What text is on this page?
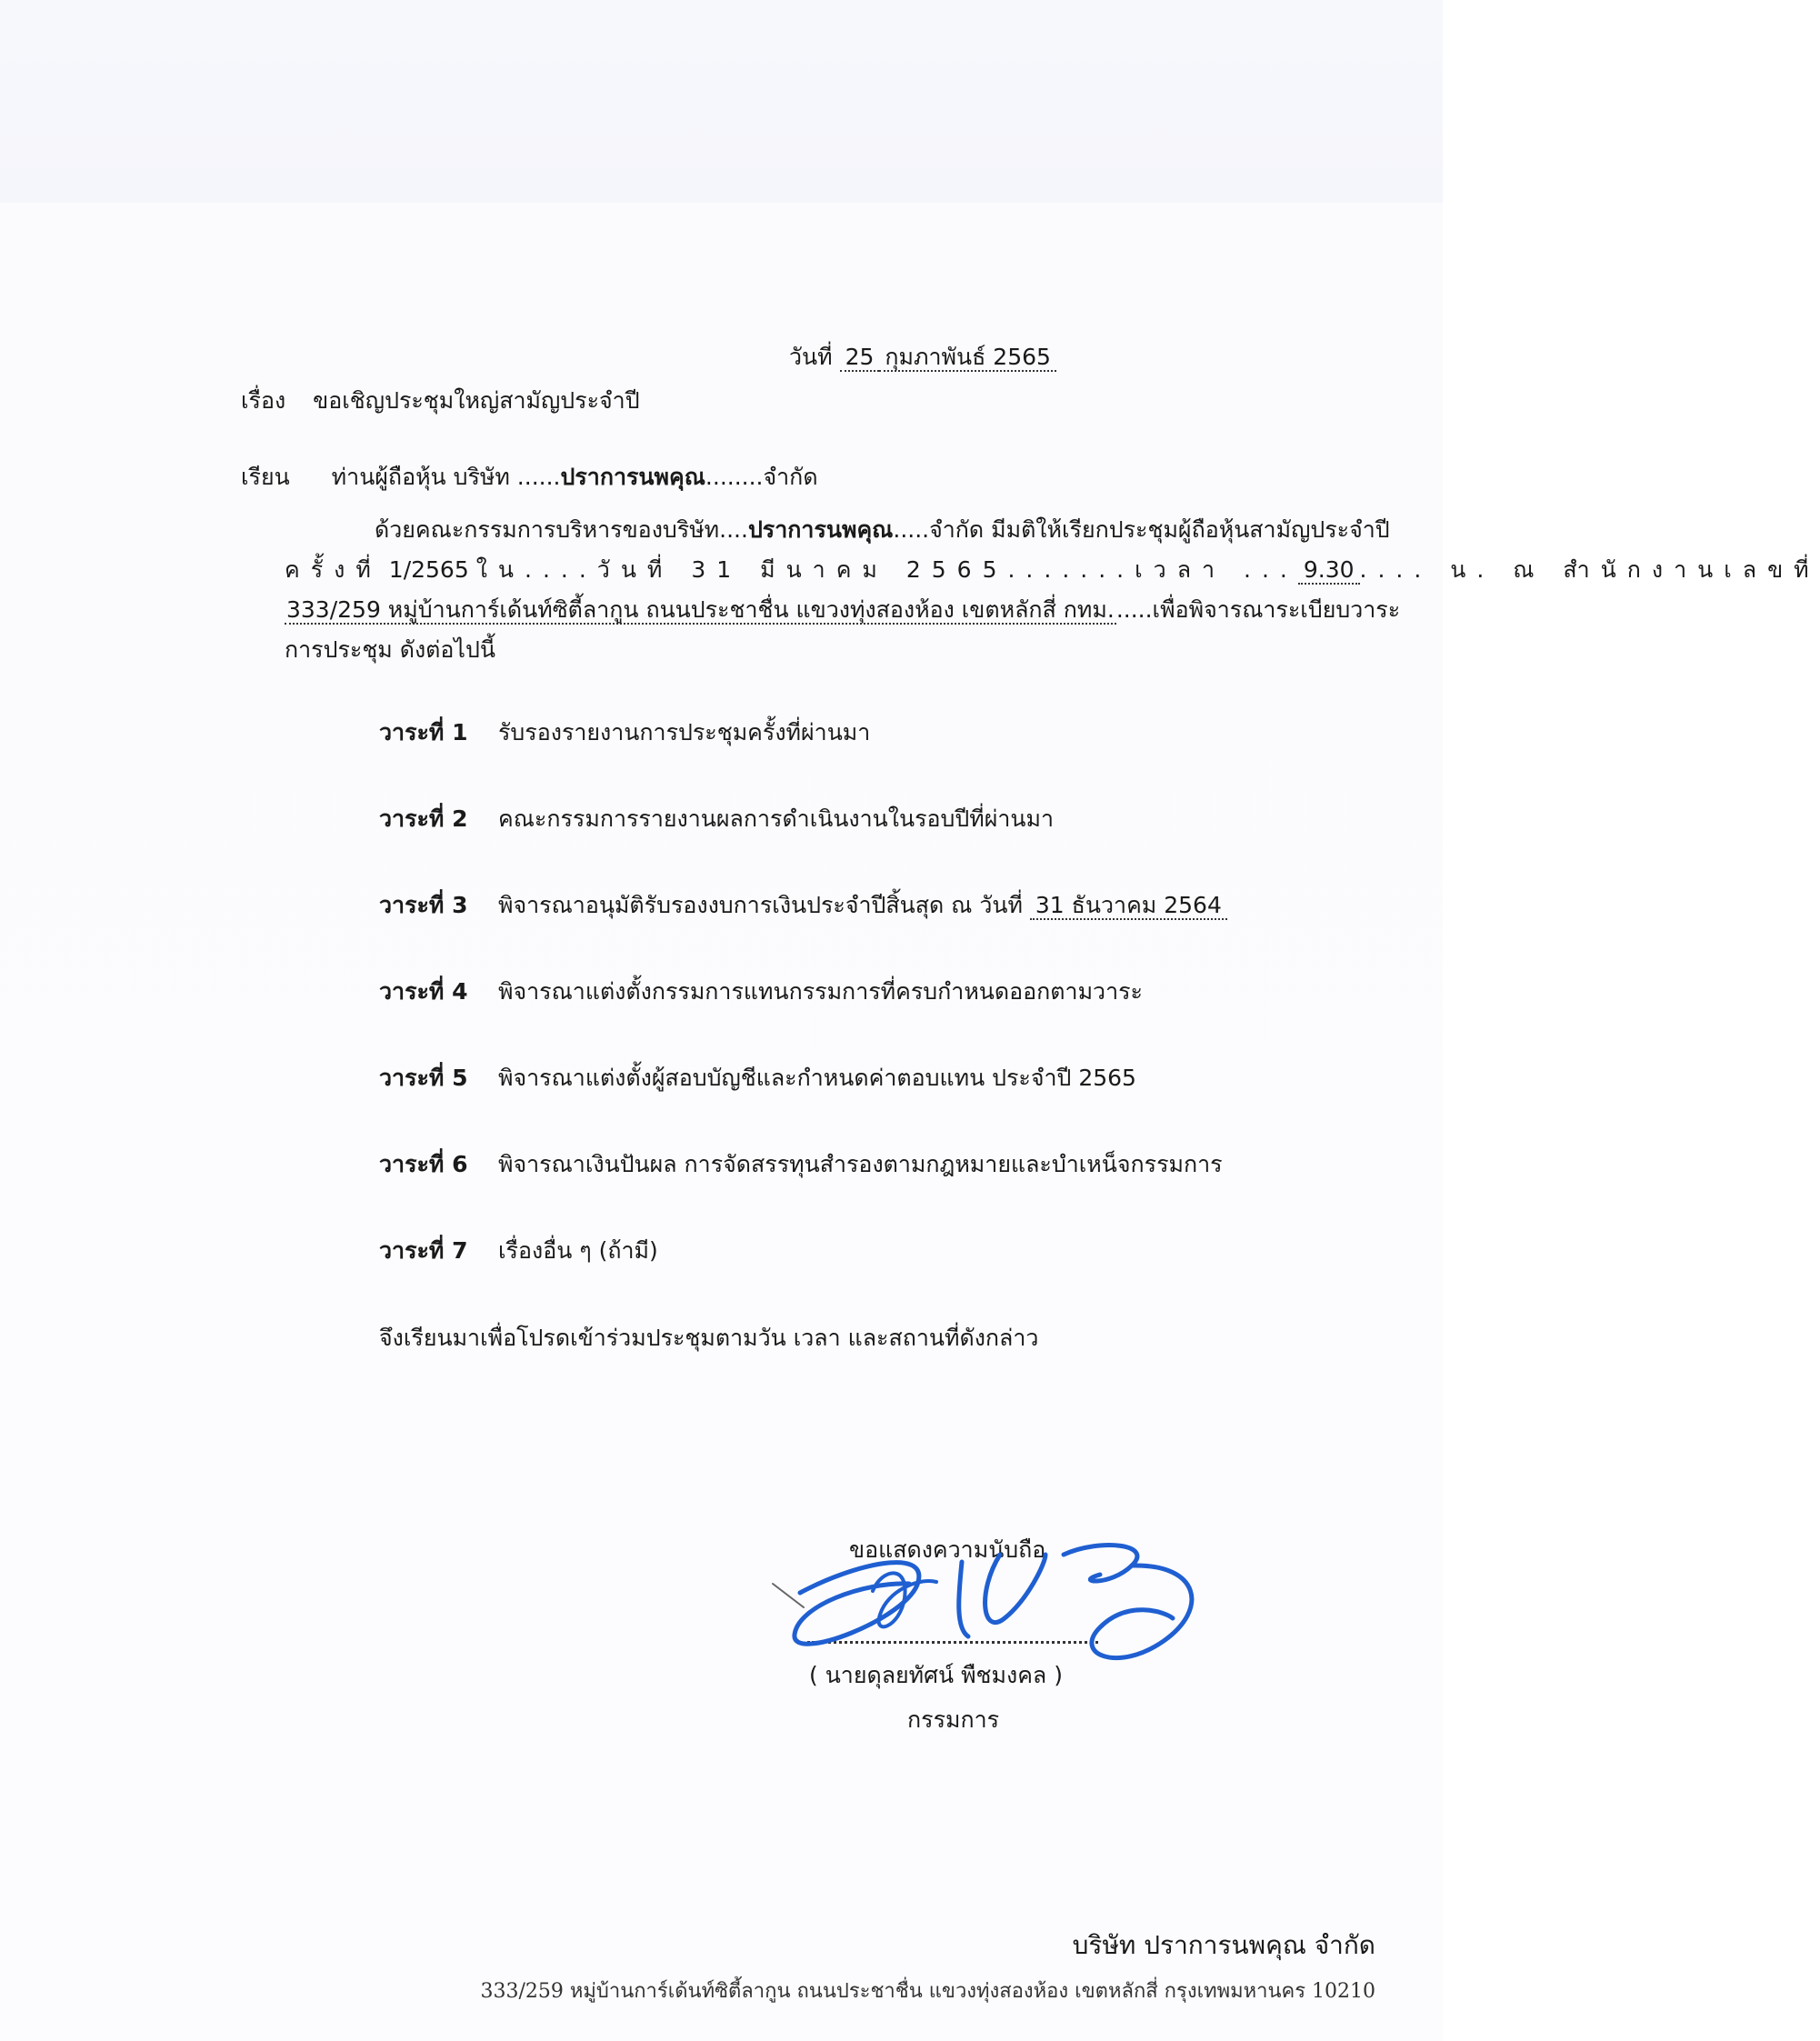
วันที่ 25 กุมภาพันธ์ 2565
เรื่อง ขอเชิญประชุมใหญ่สามัญประจำปี
เรียน ท่านผู้ถือหุ้น บริษัท ......ปราการนพคุณ........จำกัด
ด้วยคณะกรรมการบริหารของบริษัท....ปราการนพคุณ.....จำกัด มีมติให้เรียกประชุมผู้ถือหุ้นสามัญประจำปี
ครั้งที่ 1/2565 ใน....วันที่ 31 มีนาคม 2565.......เวลา ... 9.30 .... น. ณ สำนักงานเลขที่
333/259 หมู่บ้านการ์เด้นท์ซิตี้ลากูน ถนนประชาชื่น แขวงทุ่งสองห้อง เขตหลักสี่ กทม......เพื่อพิจารณาระเบียบวาระ
การประชุม ดังต่อไปนี้
วาระที่ 1 รับรองรายงานการประชุมครั้งที่ผ่านมา
วาระที่ 2 คณะกรรมการรายงานผลการดำเนินงานในรอบปีที่ผ่านมา
วาระที่ 3 พิจารณาอนุมัติรับรองงบการเงินประจำปีสิ้นสุด ณ วันที่ 31 ธันวาคม 2564
วาระที่ 4 พิจารณาแต่งตั้งกรรมการแทนกรรมการที่ครบกำหนดออกตามวาระ
วาระที่ 5 พิจารณาแต่งตั้งผู้สอบบัญชีและกำหนดค่าตอบแทน ประจำปี 2565
วาระที่ 6 พิจารณาเงินปันผล การจัดสรรทุนสำรองตามกฎหมายและบำเหน็จกรรมการ
วาระที่ 7 เรื่องอื่น ๆ (ถ้ามี)
จึงเรียนมาเพื่อโปรดเข้าร่วมประชุมตามวัน เวลา และสถานที่ดังกล่าว
ขอแสดงความนับถือ
( นายดุลยทัศน์ พืชมงคล )
กรรมการ
บริษัท ปราการนพคุณ จำกัด
333/259 หมู่บ้านการ์เด้นท์ซิตี้ลากูน ถนนประชาชื่น แขวงทุ่งสองห้อง เขตหลักสี่ กรุงเทพมหานคร 10210
